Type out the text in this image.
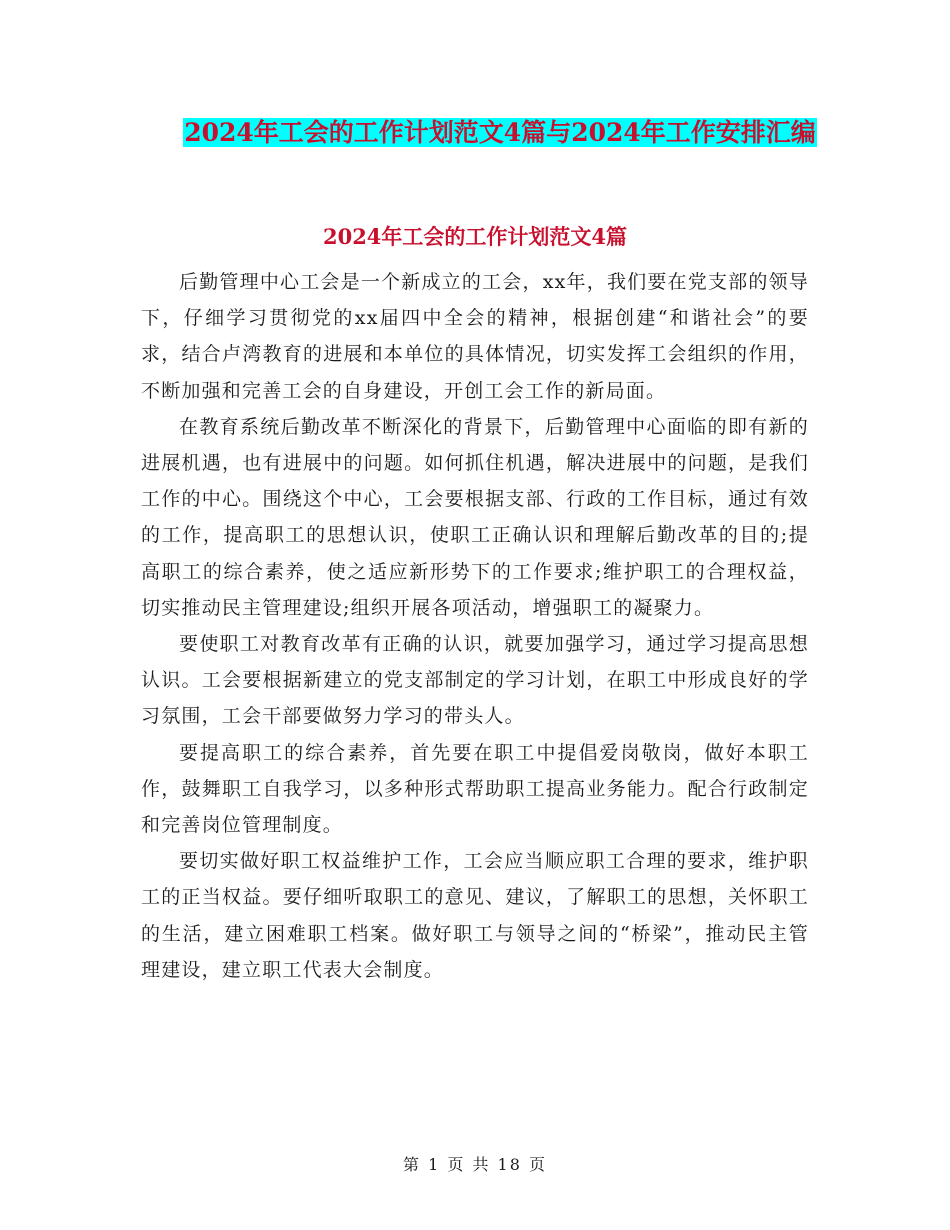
2024年工会的工作计划范文4篇与2024年工作安排汇编
2024年工会的工作计划范文4篇

后勤管理中心工会是一个新成立的工会，xx年，我们要在党支部的领导下，仔细学习贯彻党的xx届四中全会的精神，根据创建“和谐社会”的要求，结合卢湾教育的进展和本单位的具体情况，切实发挥工会组织的作用，不断加强和完善工会的自身建设，开创工会工作的新局面。

在教育系统后勤改革不断深化的背景下，后勤管理中心面临的即有新的进展机遇，也有进展中的问题。如何抓住机遇，解决进展中的问题，是我们工作的中心。围绕这个中心，工会要根据支部、行政的工作目标，通过有效的工作，提高职工的思想认识，使职工正确认识和理解后勤改革的目的;提高职工的综合素养，使之适应新形势下的工作要求;维护职工的合理权益，切实推动民主管理建设;组织开展各项活动，增强职工的凝聚力。

要使职工对教育改革有正确的认识，就要加强学习，通过学习提高思想认识。工会要根据新建立的党支部制定的学习计划，在职工中形成良好的学习氛围，工会干部要做努力学习的带头人。

要提高职工的综合素养，首先要在职工中提倡爱岗敬岗，做好本职工作，鼓舞职工自我学习，以多种形式帮助职工提高业务能力。配合行政制定和完善岗位管理制度。

要切实做好职工权益维护工作，工会应当顺应职工合理的要求，维护职工的正当权益。要仔细听取职工的意见、建议，了解职工的思想，关怀职工的生活，建立困难职工档案。做好职工与领导之间的“桥梁”，推动民主管理建设，建立职工代表大会制度。

第 1 页 共 18 页
